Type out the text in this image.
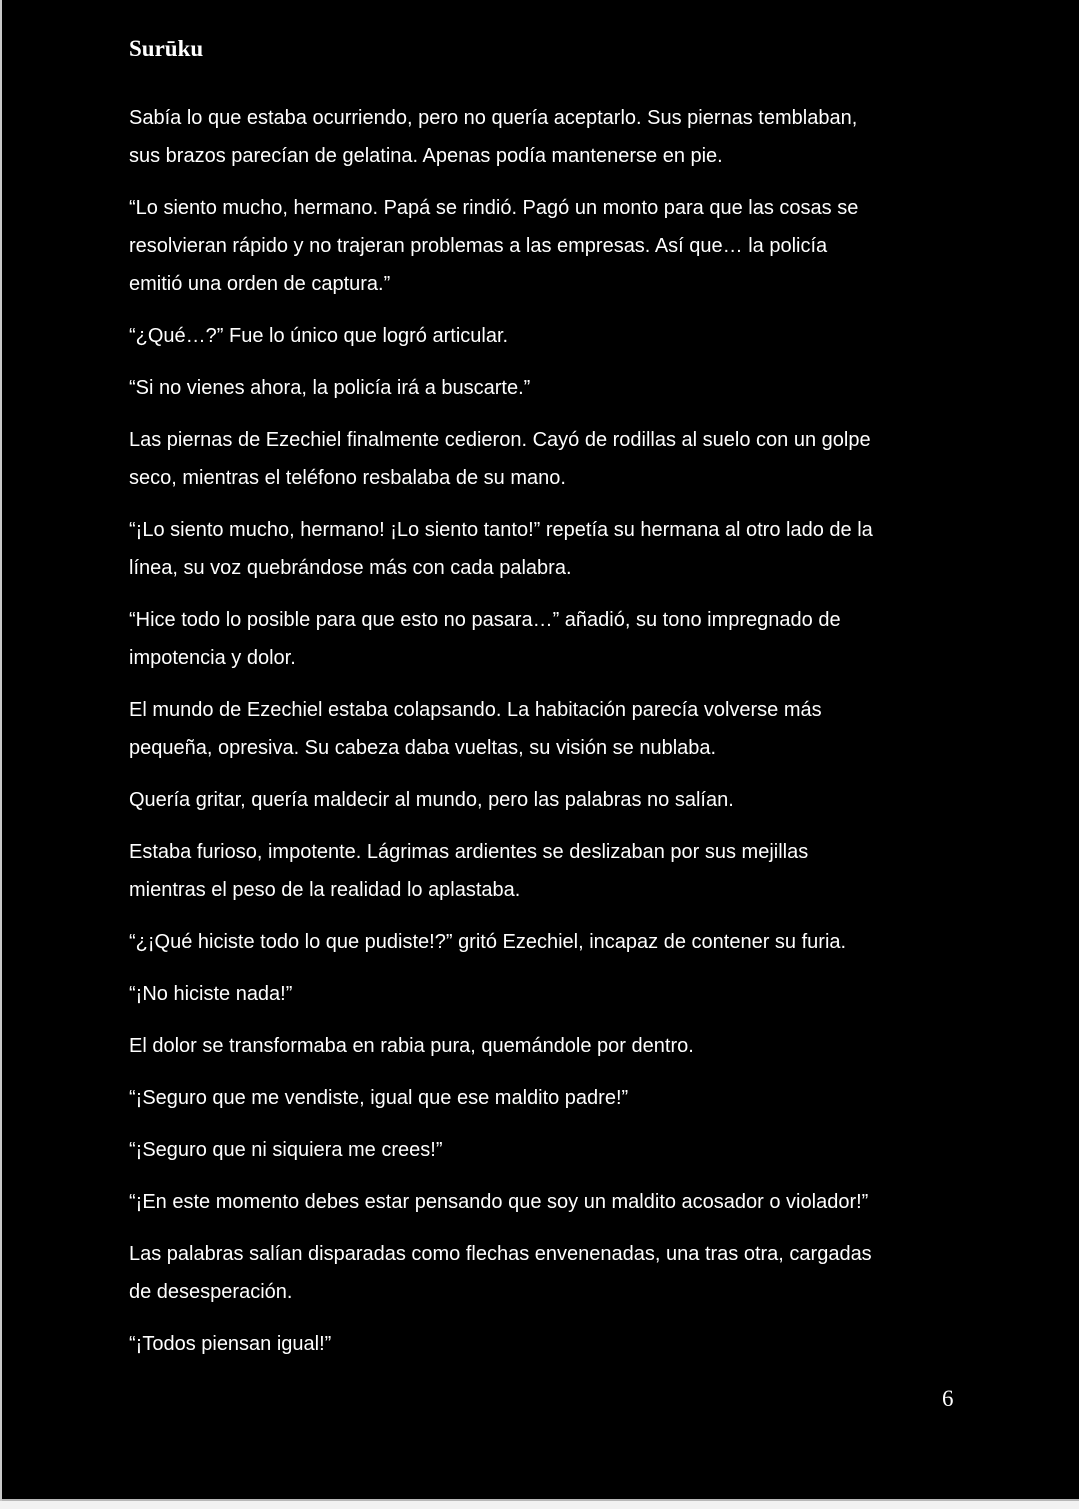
Surūku
Sabía lo que estaba ocurriendo, pero no quería aceptarlo. Sus piernas temblaban,
sus brazos parecían de gelatina. Apenas podía mantenerse en pie.
“Lo siento mucho, hermano. Papá se rindió. Pagó un monto para que las cosas se
resolvieran rápido y no trajeran problemas a las empresas. Así que… la policía
emitió una orden de captura.”
“¿Qué…?” Fue lo único que logró articular.
“Si no vienes ahora, la policía irá a buscarte.”
Las piernas de Ezechiel finalmente cedieron. Cayó de rodillas al suelo con un golpe
seco, mientras el teléfono resbalaba de su mano.
“¡Lo siento mucho, hermano! ¡Lo siento tanto!” repetía su hermana al otro lado de la
línea, su voz quebrándose más con cada palabra.
“Hice todo lo posible para que esto no pasara…” añadió, su tono impregnado de
impotencia y dolor.
El mundo de Ezechiel estaba colapsando. La habitación parecía volverse más
pequeña, opresiva. Su cabeza daba vueltas, su visión se nublaba.
Quería gritar, quería maldecir al mundo, pero las palabras no salían.
Estaba furioso, impotente. Lágrimas ardientes se deslizaban por sus mejillas
mientras el peso de la realidad lo aplastaba.
“¿¡Qué hiciste todo lo que pudiste!?” gritó Ezechiel, incapaz de contener su furia.
“¡No hiciste nada!”
El dolor se transformaba en rabia pura, quemándole por dentro.
“¡Seguro que me vendiste, igual que ese maldito padre!”
“¡Seguro que ni siquiera me crees!”
“¡En este momento debes estar pensando que soy un maldito acosador o violador!”
Las palabras salían disparadas como flechas envenenadas, una tras otra, cargadas
de desesperación.
“¡Todos piensan igual!”
6
